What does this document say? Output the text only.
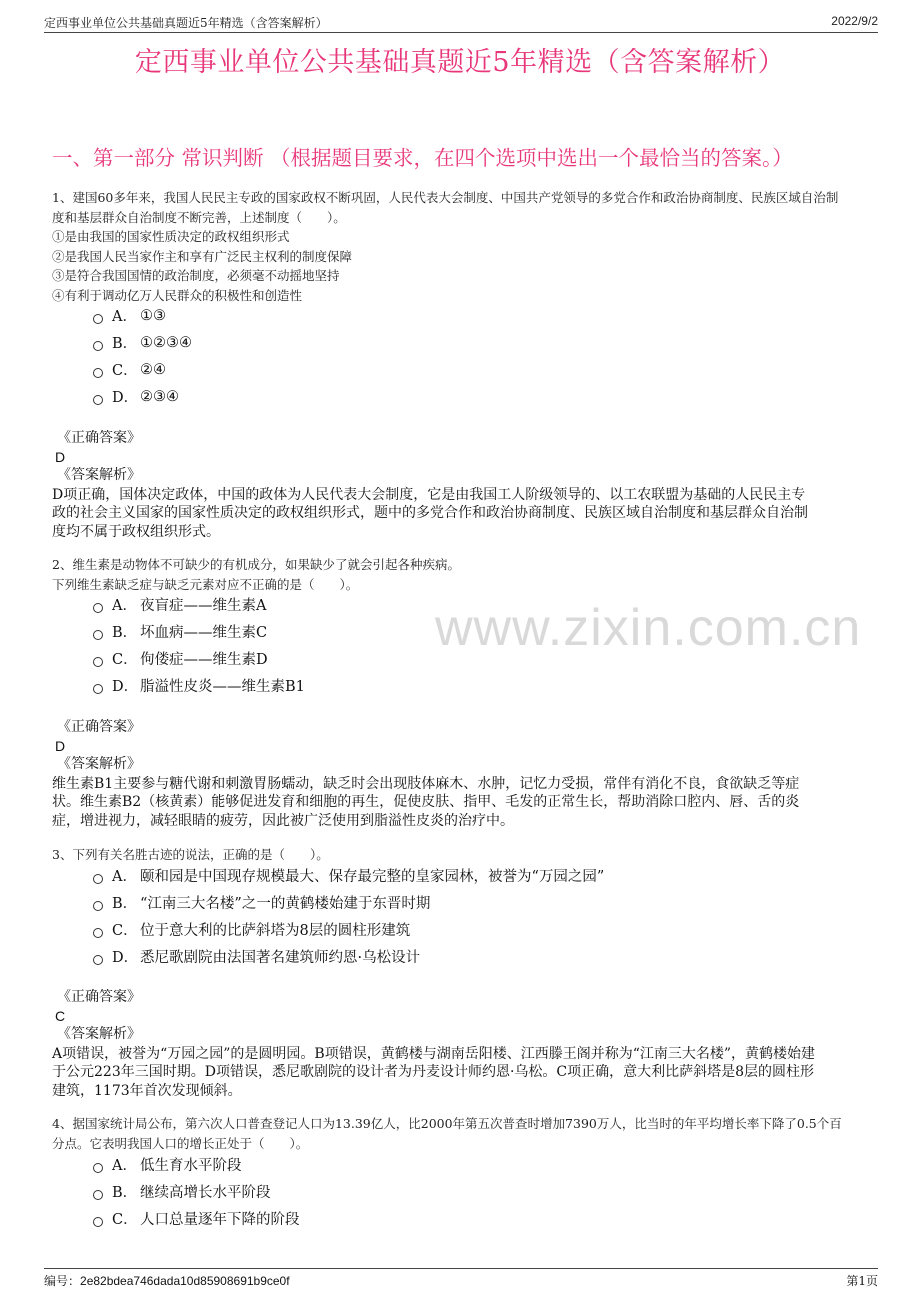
定西事业单位公共基础真题近5年精选（含答案解析）	2022/9/2
定西事业单位公共基础真题近5年精选（含答案解析）
一、第一部分 常识判断 （根据题目要求，在四个选项中选出一个最恰当的答案。）
www.zixin.com.cn
1、建国60多年来，我国人民民主专政的国家政权不断巩固，人民代表大会制度、中国共产党领导的多党合作和政治协商制度、民族区域自治制
度和基层群众自治制度不断完善，上述制度（　　）。
①是由我国的国家性质决定的政权组织形式
②是我国人民当家作主和享有广泛民主权利的制度保障
③是符合我国国情的政治制度，必须毫不动摇地坚持
④有利于调动亿万人民群众的积极性和创造性
A． ①③
B． ①②③④
C． ②④
D． ②③④
《正确答案》
D
《答案解析》
D项正确，国体决定政体，中国的政体为人民代表大会制度，它是由我国工人阶级领导的、以工农联盟为基础的人民民主专
政的社会主义国家的国家性质决定的政权组织形式，题中的多党合作和政治协商制度、民族区域自治制度和基层群众自治制
度均不属于政权组织形式。
2、维生素是动物体不可缺少的有机成分，如果缺少了就会引起各种疾病。
下列维生素缺乏症与缺乏元素对应不正确的是（　　）。
A． 夜盲症——维生素A
B． 坏血病——维生素C
C． 佝偻症——维生素D
D． 脂溢性皮炎——维生素B1
《正确答案》
D
《答案解析》
维生素B1主要参与糖代谢和刺激胃肠蠕动，缺乏时会出现肢体麻木、水肿，记忆力受损，常伴有消化不良，食欲缺乏等症
状。维生素B2（核黄素）能够促进发育和细胞的再生，促使皮肤、指甲、毛发的正常生长，帮助消除口腔内、唇、舌的炎
症，增进视力，减轻眼睛的疲劳，因此被广泛使用到脂溢性皮炎的治疗中。
3、下列有关名胜古迹的说法，正确的是（　　）。
A． 颐和园是中国现存规模最大、保存最完整的皇家园林，被誉为“万园之园”
B． “江南三大名楼”之一的黄鹤楼始建于东晋时期
C． 位于意大利的比萨斜塔为8层的圆柱形建筑
D． 悉尼歌剧院由法国著名建筑师约恩·乌松设计
《正确答案》
C
《答案解析》
A项错误，被誉为“万园之园”的是圆明园。B项错误，黄鹤楼与湖南岳阳楼、江西滕王阁并称为“江南三大名楼”，黄鹤楼始建
于公元223年三国时期。D项错误，悉尼歌剧院的设计者为丹麦设计师约恩·乌松。C项正确，意大利比萨斜塔是8层的圆柱形
建筑，1173年首次发现倾斜。
4、据国家统计局公布，第六次人口普查登记人口为13.39亿人，比2000年第五次普查时增加7390万人，比当时的年平均增长率下降了0.5个百
分点。它表明我国人口的增长正处于（　　）。
A． 低生育水平阶段
B． 继续高增长水平阶段
C． 人口总量逐年下降的阶段
编号：2e82bdea746dada10d85908691b9ce0f	第1页
